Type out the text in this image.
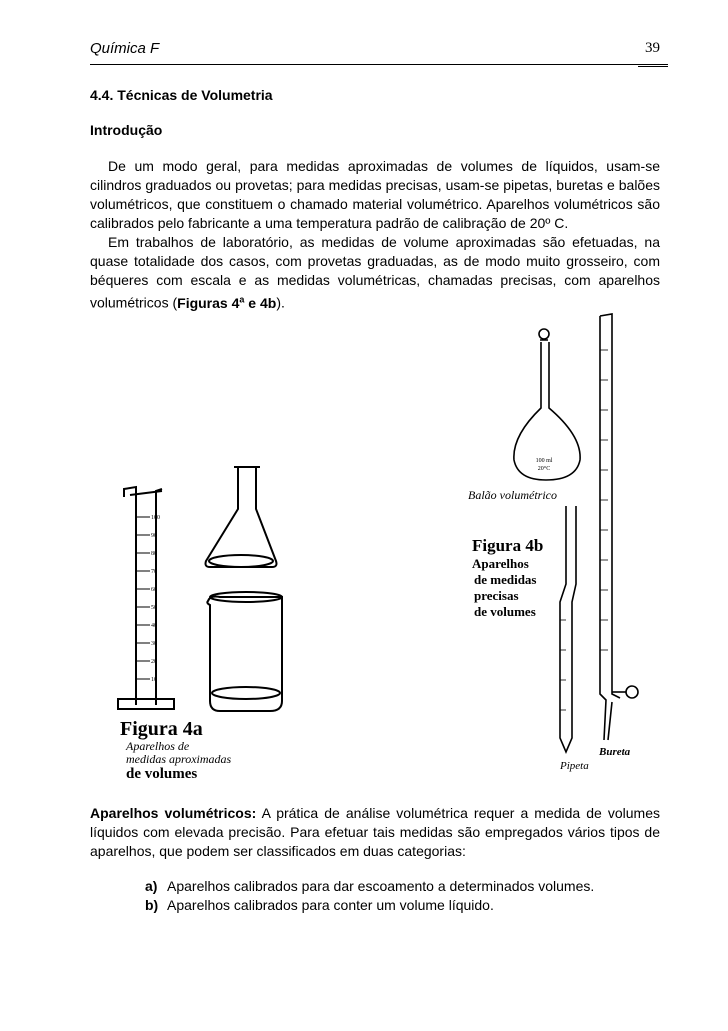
Química F	39
4.4. Técnicas de Volumetria
Introdução

De um modo geral, para medidas aproximadas de volumes de líquidos, usam-se cilindros graduados ou provetas; para medidas precisas, usam-se pipetas, buretas e balões volumétricos, que constituem o chamado material volumétrico. Aparelhos volumétricos são calibrados pelo fabricante a uma temperatura padrão de calibração de 20º C.

Em trabalhos de laboratório, as medidas de volume aproximadas são efetuadas, na quase totalidade dos casos, com provetas graduadas, as de modo muito grosseiro, com béqueres com escala e as medidas volumétricas, chamadas precisas, com aparelhos volumétricos (Figuras 4$^a$ e 4b).

100
90
80
70
60
50
40
30
20
10
Figura 4a
Aparelhos de
medidas aproximadas
de volumes
100 ml
20°C
Balão volumétrico
Pipeta
Bureta
Figura 4b
Aparelhos
de medidas
precisas
de volumes
Aparelhos volumétricos: A prática de análise volumétrica requer a medida de volumes líquidos com elevada precisão. Para efetuar tais medidas são empregados vários tipos de aparelhos, que podem ser classificados em duas categorias:
a) Aparelhos calibrados para dar escoamento a determinados volumes.
b) Aparelhos calibrados para conter um volume líquido.
